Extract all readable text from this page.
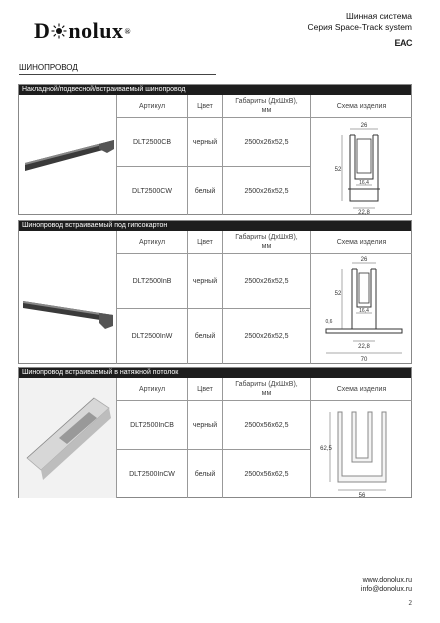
D nolux ®
Шинная система
Серия Space-Track system
EAC
ШИНОПРОВОД
Накладной/подвесной/встраиваемый шинопровод
Артикул	Цвет
Габариты (ДхШхВ),
мм
Схема изделия
DLT2500CB	черный	2500x26x52,5
DLT2500CW	белый	2500x26x52,5
26
52
16,4
22,8
Шинопровод встраиваемый под гипсокартон
Артикул	Цвет
Габариты (ДхШхВ),
мм
Схема изделия
DLT2500InB	черный	2500x26x52,5
DLT2500InW	белый	2500x26x52,5
26
52
0,6
16,4
22,8
70
Шинопровод встраиваемый в натяжной потолок
Артикул	Цвет
Габариты (ДхШхВ),
мм
Схема изделия
DLT2500InCB	черный	2500x56x62,5
DLT2500InCW	белый	2500x56x62,5
62,5
56
www.donolux.ru
info@donolux.ru
2
